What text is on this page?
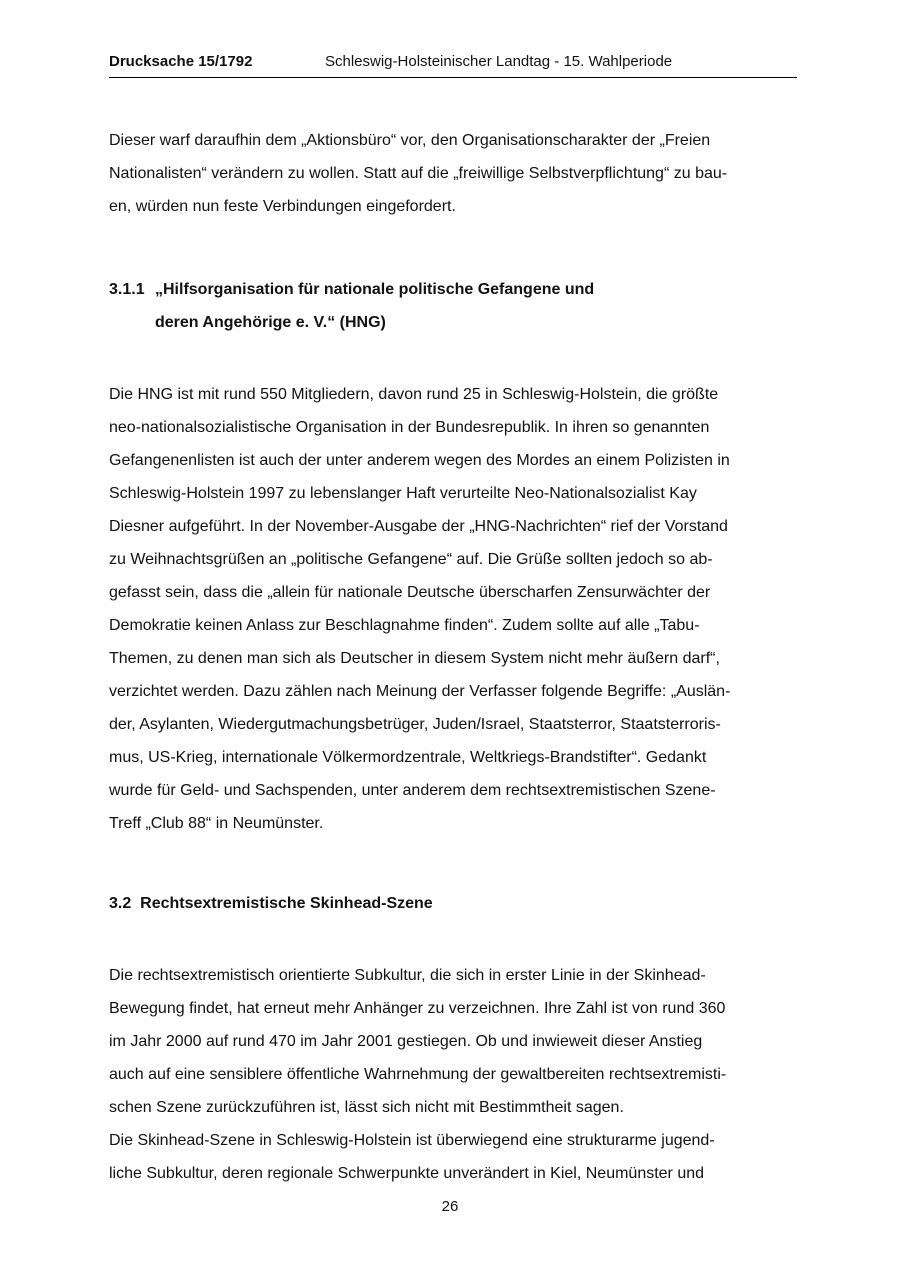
Drucksache 15/1792	Schleswig-Holsteinischer Landtag - 15. Wahlperiode
Dieser warf daraufhin dem „Aktionsbüro“ vor, den Organisationscharakter der „Freien
Nationalisten“ verändern zu wollen. Statt auf die „freiwillige Selbstverpflichtung“ zu bau-
en, würden nun feste Verbindungen eingefordert.
3.1.1 „Hilfsorganisation für nationale politische Gefangene und
deren Angehörige e. V.“ (HNG)
Die HNG ist mit rund 550 Mitgliedern, davon rund 25 in Schleswig-Holstein, die größte
neo-nationalsozialistische Organisation in der Bundesrepublik. In ihren so genannten
Gefangenenlisten ist auch der unter anderem wegen des Mordes an einem Polizisten in
Schleswig-Holstein 1997 zu lebenslanger Haft verurteilte Neo-Nationalsozialist Kay
Diesner aufgeführt. In der November-Ausgabe der „HNG-Nachrichten“ rief der Vorstand
zu Weihnachtsgrüßen an „politische Gefangene“ auf. Die Grüße sollten jedoch so ab-
gefasst sein, dass die „allein für nationale Deutsche überscharfen Zensurwächter der
Demokratie keinen Anlass zur Beschlagnahme finden“. Zudem sollte auf alle „Tabu-
Themen, zu denen man sich als Deutscher in diesem System nicht mehr äußern darf“,
verzichtet werden. Dazu zählen nach Meinung der Verfasser folgende Begriffe: „Auslän-
der, Asylanten, Wiedergutmachungsbetrüger, Juden/Israel, Staatsterror, Staatsterroris-
mus, US-Krieg, internationale Völkermordzentrale, Weltkriegs-Brandstifter“. Gedankt
wurde für Geld- und Sachspenden, unter anderem dem rechtsextremistischen Szene-
Treff „Club 88“ in Neumünster.
3.2 Rechtsextremistische Skinhead-Szene
Die rechtsextremistisch orientierte Subkultur, die sich in erster Linie in der Skinhead-
Bewegung findet, hat erneut mehr Anhänger zu verzeichnen. Ihre Zahl ist von rund 360
im Jahr 2000 auf rund 470 im Jahr 2001 gestiegen. Ob und inwieweit dieser Anstieg
auch auf eine sensiblere öffentliche Wahrnehmung der gewaltbereiten rechtsextremisti-
schen Szene zurückzuführen ist, lässt sich nicht mit Bestimmtheit sagen.
Die Skinhead-Szene in Schleswig-Holstein ist überwiegend eine strukturarme jugend-
liche Subkultur, deren regionale Schwerpunkte unverändert in Kiel, Neumünster und
26
